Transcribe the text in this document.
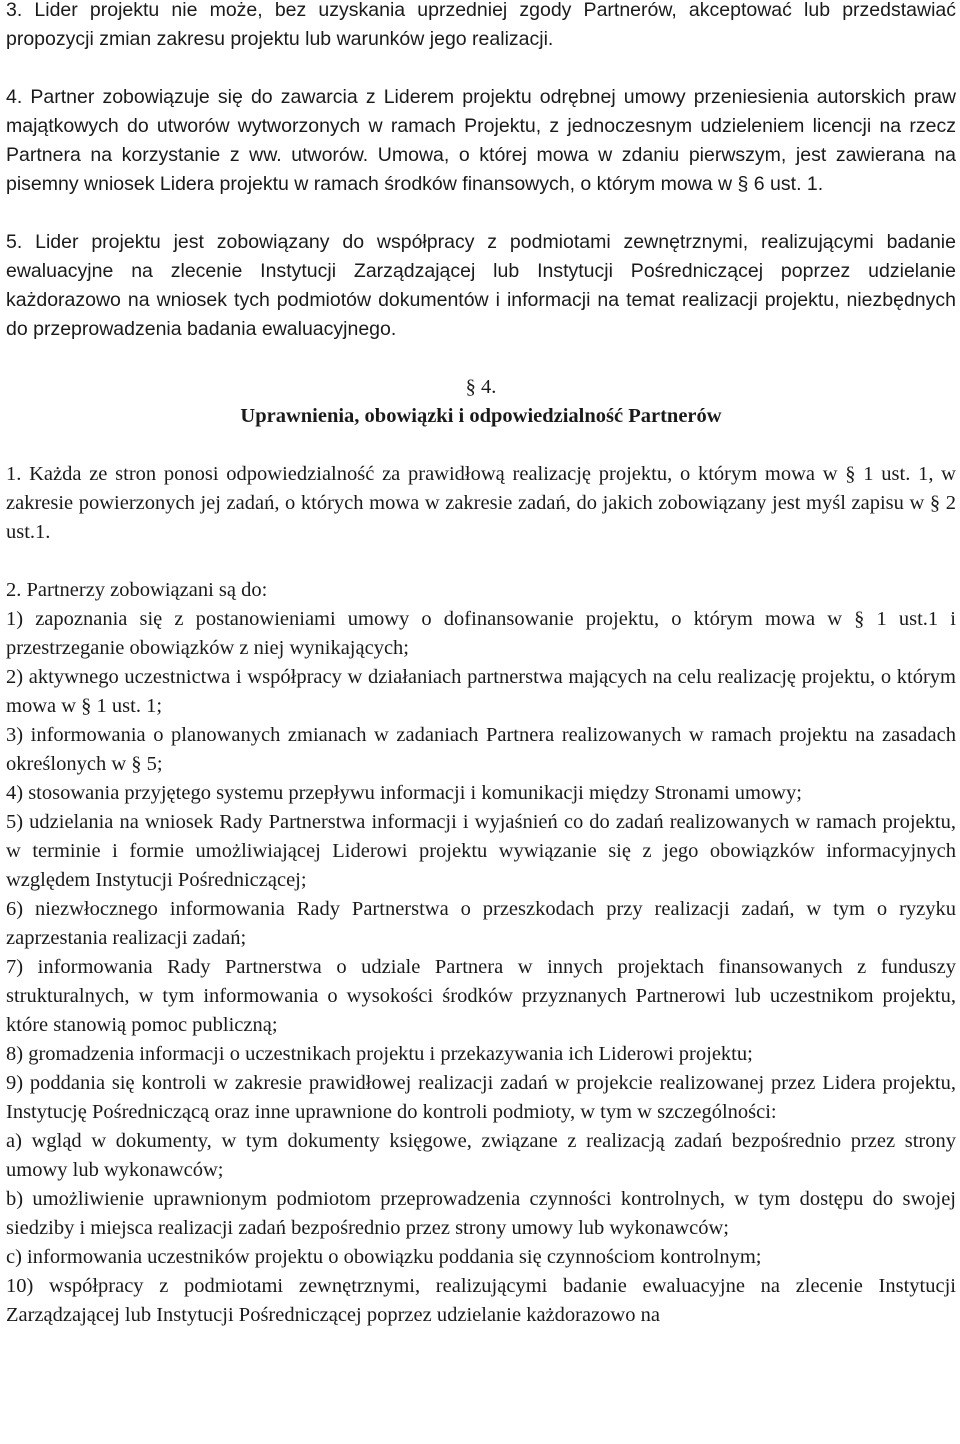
3. Lider projektu nie może, bez uzyskania uprzedniej zgody Partnerów, akceptować lub przedstawiać propozycji zmian zakresu projektu lub warunków jego realizacji.

4. Partner zobowiązuje się do zawarcia z Liderem projektu odrębnej umowy przeniesienia autorskich praw majątkowych do utworów wytworzonych w ramach Projektu, z jednoczesnym udzieleniem licencji na rzecz Partnera na korzystanie z ww. utworów. Umowa, o której mowa w zdaniu pierwszym, jest zawierana na pisemny wniosek Lidera projektu w ramach środków finansowych, o którym mowa w § 6 ust. 1.

5. Lider projektu jest zobowiązany do współpracy z podmiotami zewnętrznymi, realizującymi badanie ewaluacyjne na zlecenie Instytucji Zarządzającej lub Instytucji Pośredniczącej poprzez udzielanie każdorazowo na wniosek tych podmiotów dokumentów i informacji na temat realizacji projektu, niezbędnych do przeprowadzenia badania ewaluacyjnego.

§ 4.

Uprawnienia, obowiązki i odpowiedzialność Partnerów

1. Każda ze stron ponosi odpowiedzialność za prawidłową realizację projektu, o którym mowa w § 1 ust. 1, w zakresie powierzonych jej zadań, o których mowa w zakresie zadań, do jakich zobowiązany jest myśl zapisu w § 2 ust.1.

2. Partnerzy zobowiązani są do:

1) zapoznania się z postanowieniami umowy o dofinansowanie projektu, o którym mowa w § 1 ust.1 i przestrzeganie obowiązków z niej wynikających;

2) aktywnego uczestnictwa i współpracy w działaniach partnerstwa mających na celu realizację projektu, o którym mowa w § 1 ust. 1;

3) informowania o planowanych zmianach w zadaniach Partnera realizowanych w ramach projektu na zasadach określonych w § 5;

4) stosowania przyjętego systemu przepływu informacji i komunikacji między Stronami umowy;

5) udzielania na wniosek Rady Partnerstwa informacji i wyjaśnień co do zadań realizowanych w ramach projektu, w terminie i formie umożliwiającej Liderowi projektu wywiązanie się z jego obowiązków informacyjnych względem Instytucji Pośredniczącej;

6) niezwłocznego informowania Rady Partnerstwa o przeszkodach przy realizacji zadań, w tym o ryzyku zaprzestania realizacji zadań;

7) informowania Rady Partnerstwa o udziale Partnera w innych projektach finansowanych z funduszy strukturalnych, w tym informowania o wysokości środków przyznanych Partnerowi lub uczestnikom projektu, które stanowią pomoc publiczną;

8) gromadzenia informacji o uczestnikach projektu i przekazywania ich Liderowi projektu;

9) poddania się kontroli w zakresie prawidłowej realizacji zadań w projekcie realizowanej przez Lidera projektu, Instytucję Pośredniczącą oraz inne uprawnione do kontroli podmioty, w tym w szczególności:

a) wgląd w dokumenty, w tym dokumenty księgowe, związane z realizacją zadań bezpośrednio przez strony umowy lub wykonawców;

b) umożliwienie uprawnionym podmiotom przeprowadzenia czynności kontrolnych, w tym dostępu do swojej siedziby i miejsca realizacji zadań bezpośrednio przez strony umowy lub wykonawców;

c) informowania uczestników projektu o obowiązku poddania się czynnościom kontrolnym;

10) współpracy z podmiotami zewnętrznymi, realizującymi badanie ewaluacyjne na zlecenie Instytucji Zarządzającej lub Instytucji Pośredniczącej poprzez udzielanie każdorazowo na
